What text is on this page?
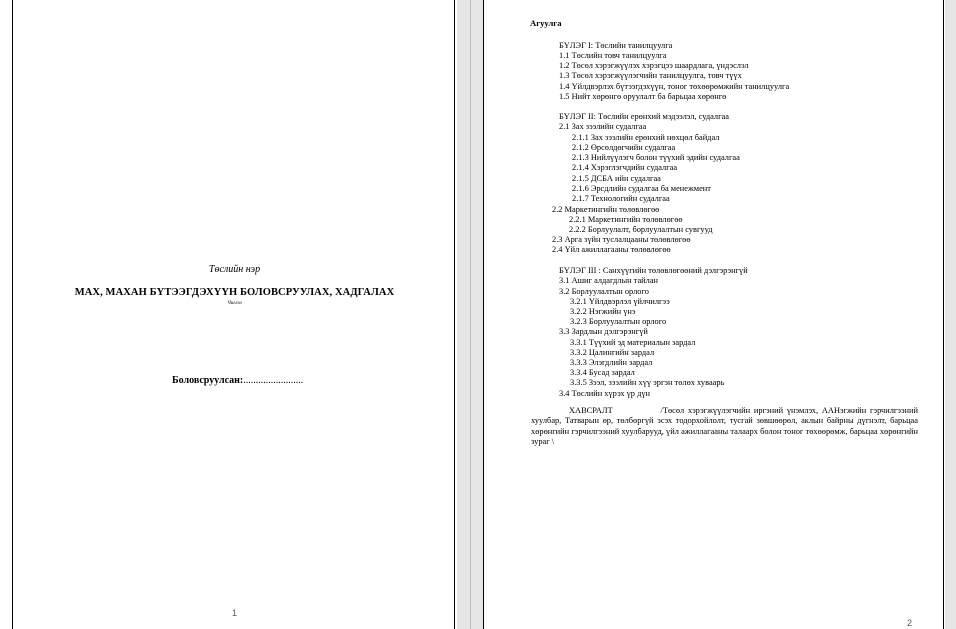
Төслийн нэр
МАХ, МАХАН БҮТЭЭГДЭХҮҮН БОЛОВСРУУЛАХ, ХАДГАЛАХ
Чиглэл
Боловсруулсан:........................
1
Агуулга
БҮЛЭГ I: Төслийн танилцуулга
1.1 Төслийн товч танилцуулга
1.2 Төсөл хэрэгжүүлэх хэрэгцээ шаардлага, үндэслэл
1.3 Төсөл хэрэгжүүлэгчийн танилцуулга, товч түүх
1.4 Үйлдвэрлэх бүтээгдэхүүн, тоног төхөөрөмжийн танилцуулга
1.5 Нийт хөрөнгө оруулалт ба барьцаа хөрөнгө
БҮЛЭГ II: Төслийн ерөнхий мэдээлэл, судалгаа
2.1 Зах зээлийн судалгаа
2.1.1 Зах зээлийн ерөнхий нөхцөл байдал
2.1.2 Өрсөлдөгчийн судалгаа
2.1.3 Нийлүүлэгч болон түүхий эдийн судалгаа
2.1.4 Хэрэглэгчдийн судалгаа
2.1.5 ДСБА ийн судалгаа
2.1.6 Эрсдлийн судалгаа ба менежмент
2.1.7 Технологийн судалгаа
2.2 Маркетингийн төлөвлөгөө
2.2.1 Маркетингийн төлөвлөгөө
2.2.2 Борлуулалт, борлуулалтын сувгууд
2.3 Арга зүйн туслалцааны төлөвлөгөө
2.4 Үйл ажиллагааны төлөвлөгөө
БҮЛЭГ III : Санхүүгийн төлөвлөгөөний дэлгэрэнгүй
3.1 Ашиг алдагдлын тайлан
3.2 Борлуулалтын орлого
3.2.1 Үйлдвэрлэл үйлчилгээ
3.2.2 Нэгжийн үнэ
3.2.3 Борлуулалтын орлого
3.3 Зардлын дэлгэрэнгүй
3.3.1 Түүхий эд материалын зардал
3.3.2 Цалингийн зардал
3.3.3 Элэгдлийн зардал
3.3.4 Бусад зардал
3.3.5 Зээл, зээлийн хүү эргэн төлөх хуваарь
3.4 Төслийн хүрэх үр дүн
ХАВСРАЛТ	/Төсөл хэрэгжүүлэгчийн иргэний үнэмлэх, ААНэгжийн гэрчилгээний хуулбар, Татварын өр, төлбөргүй эсэх тодорхойлолт, тусгай зөвшөөрөл, аклын байрны дүгнэлт, барьцаа хөрөнгийн гэрчилгээний хуулбарууд, үйл ажиллагааны талаарх болон тоног төхөөрөмж, барьцаа хөрөнгийн зураг \
2
